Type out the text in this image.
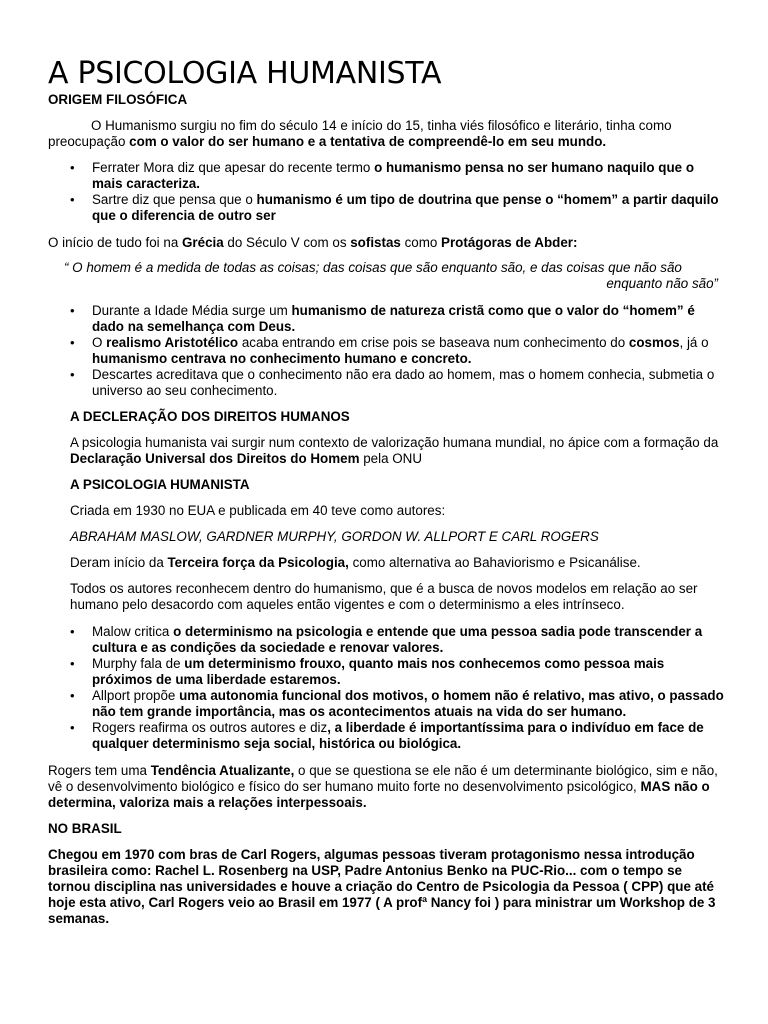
A PSICOLOGIA HUMANISTA
ORIGEM FILOSÓFICA

O Humanismo surgiu no fim do século 14 e início do 15, tinha viés filosófico e literário, tinha como preocupação com o valor do ser humano e a tentativa de compreendê-lo em seu mundo.

• Ferrater Mora diz que apesar do recente termo o humanismo pensa no ser humano naquilo que o mais caracteriza.
• Sartre diz que pensa que o humanismo é um tipo de doutrina que pense o “homem” a partir daquilo que o diferencia de outro ser

O início de tudo foi na Grécia do Século V com os sofistas como Protágoras de Abder:

“ O homem é a medida de todas as coisas; das coisas que são enquanto são, e das coisas que não são
enquanto não são”
• Durante a Idade Média surge um humanismo de natureza cristã como que o valor do “homem” é dado na semelhança com Deus.
• O realismo Aristotélico acaba entrando em crise pois se baseava num conhecimento do cosmos, já o humanismo centrava no conhecimento humano e concreto.
• Descartes acreditava que o conhecimento não era dado ao homem, mas o homem conhecia, submetia o universo ao seu conhecimento.
A DECLERAÇÃO DOS DIREITOS HUMANOS

A psicologia humanista vai surgir num contexto de valorização humana mundial, no ápice com a formação da Declaração Universal dos Direitos do Homem pela ONU

A PSICOLOGIA HUMANISTA

Criada em 1930 no EUA e publicada em 40 teve como autores:

ABRAHAM MASLOW, GARDNER MURPHY, GORDON W. ALLPORT E CARL ROGERS

Deram início da Terceira força da Psicologia, como alternativa ao Bahaviorismo e Psicanálise.

Todos os autores reconhecem dentro do humanismo, que é a busca de novos modelos em relação ao ser humano pelo desacordo com aqueles então vigentes e com o determinismo a eles intrínseco.

• Malow critica o determinismo na psicologia e entende que uma pessoa sadia pode transcender a cultura e as condições da sociedade e renovar valores.
• Murphy fala de um determinismo frouxo, quanto mais nos conhecemos como pessoa mais próximos de uma liberdade estaremos.
• Allport propõe uma autonomia funcional dos motivos, o homem não é relativo, mas ativo, o passado não tem grande importância, mas os acontecimentos atuais na vida do ser humano.
• Rogers reafirma os outros autores e diz, a liberdade é importantíssima para o indivíduo em face de qualquer determinismo seja social, histórica ou biológica.

Rogers tem uma Tendência Atualizante, o que se questiona se ele não é um determinante biológico, sim e não, vê o desenvolvimento biológico e físico do ser humano muito forte no desenvolvimento psicológico, MAS não o determina, valoriza mais a relações interpessoais.

NO BRASIL

Chegou em 1970 com bras de Carl Rogers, algumas pessoas tiveram protagonismo nessa introdução brasileira como: Rachel L. Rosenberg na USP, Padre Antonius Benko na PUC-Rio... com o tempo se tornou disciplina nas universidades e houve a criação do Centro de Psicologia da Pessoa ( CPP) que até hoje esta ativo, Carl Rogers veio ao Brasil em 1977 ( A profª Nancy foi ) para ministrar um Workshop de 3 semanas.
